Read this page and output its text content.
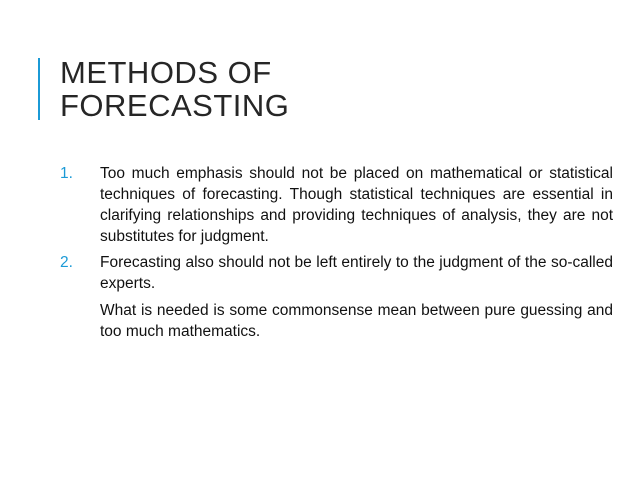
METHODS OF
FORECASTING
1.	Too much emphasis should not be placed on mathematical or statistical techniques of forecasting. Though statistical techniques are essential in clarifying relationships and providing techniques of analysis, they are not substitutes for judgment.
2.	Forecasting also should not be left entirely to the judgment of the so-called experts.
What is needed is some commonsense mean between pure guessing and too much mathematics.
